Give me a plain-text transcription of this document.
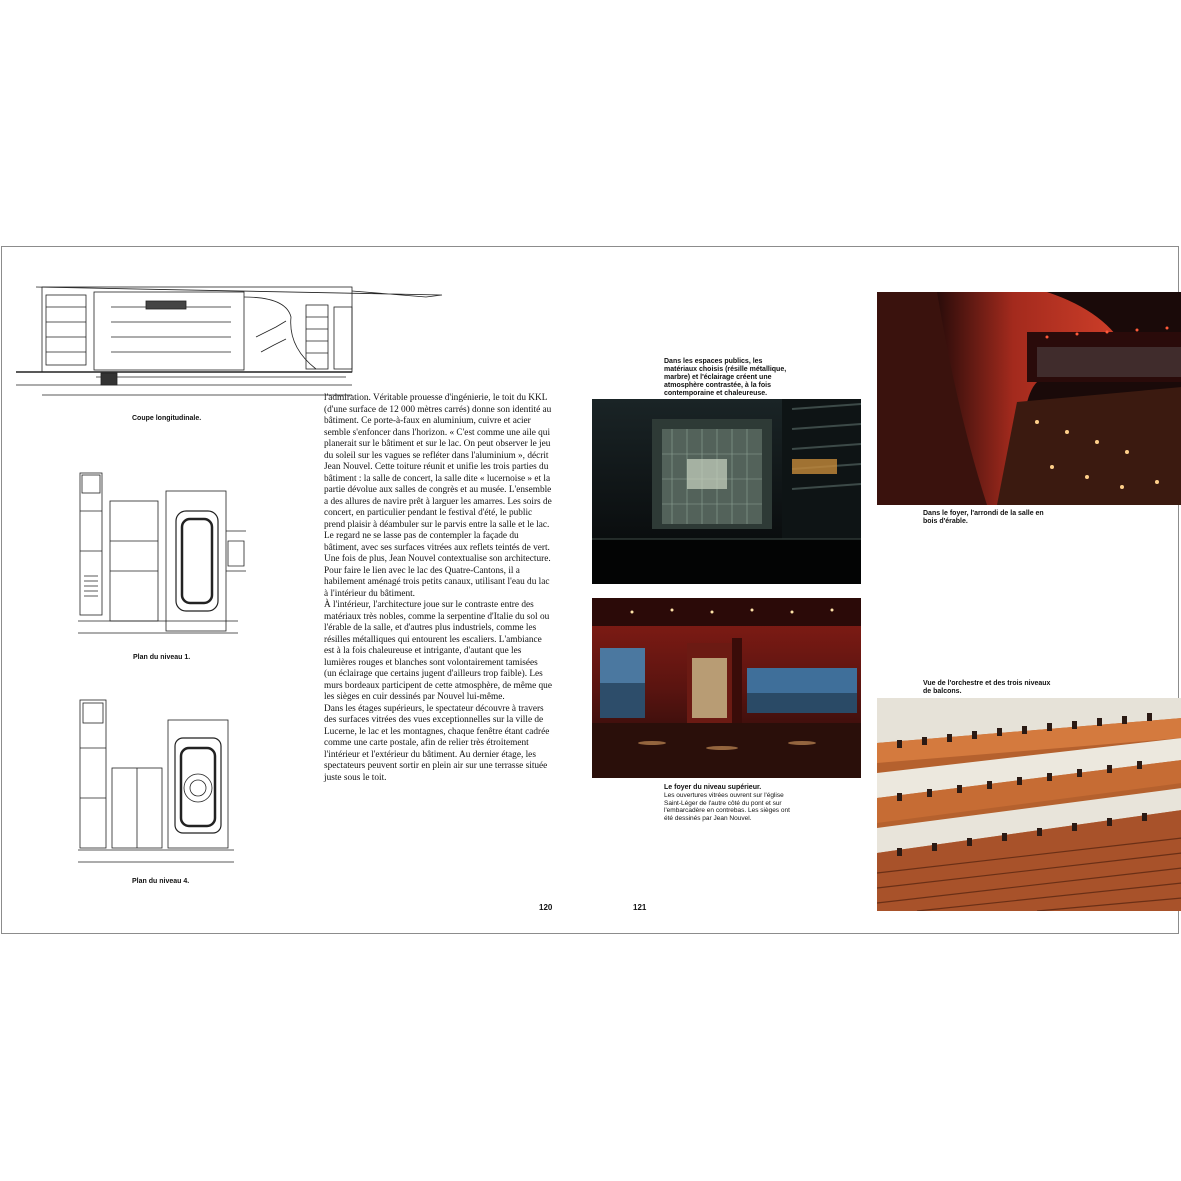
Coupe longitudinale.
Plan du niveau 1.
Plan du niveau 4.

l'admiration. Véritable prouesse d'ingénierie, le toit du KKL (d'une surface de 12 000 mètres carrés) donne son identité au bâtiment. Ce porte-à-faux en aluminium, cuivre et acier semble s'enfoncer dans l'horizon. « C'est comme une aile qui planerait sur le bâtiment et sur le lac. On peut observer le jeu du soleil sur les vagues se refléter dans l'aluminium », décrit Jean Nouvel. Cette toiture réunit et unifie les trois parties du bâtiment : la salle de concert, la salle dite « lucernoise » et la partie dévolue aux salles de congrès et au musée. L'ensemble a des allures de navire prêt à larguer les amarres. Les soirs de concert, en particulier pendant le festival d'été, le public prend plaisir à déambuler sur le parvis entre la salle et le lac. Le regard ne se lasse pas de contempler la façade du bâtiment, avec ses surfaces vitrées aux reflets teintés de vert. Une fois de plus, Jean Nouvel contextualise son architecture. Pour faire le lien avec le lac des Quatre-Cantons, il a habilement aménagé trois petits canaux, utilisant l'eau du lac à l'intérieur du bâtiment.

À l'intérieur, l'architecture joue sur le contraste entre des matériaux très nobles, comme la serpentine d'Italie du sol ou l'érable de la salle, et d'autres plus industriels, comme les résilles métalliques qui entourent les escaliers. L'ambiance est à la fois chaleureuse et intrigante, d'autant que les lumières rouges et blanches sont volontairement tamisées (un éclairage que certains jugent d'ailleurs trop faible). Les murs bordeaux participent de cette atmosphère, de même que les sièges en cuir dessinés par Nouvel lui-même.

Dans les étages supérieurs, le spectateur découvre à travers des surfaces vitrées des vues exceptionnelles sur la ville de Lucerne, le lac et les montagnes, chaque fenêtre étant cadrée comme une carte postale, afin de relier très étroitement l'intérieur et l'extérieur du bâtiment. Au dernier étage, les spectateurs peuvent sortir en plein air sur une terrasse située juste sous le toit.

120	121
Dans les espaces publics, les matériaux choisis (résille métallique, marbre) et l'éclairage créent une atmosphère contrastée, à la fois contemporaine et chaleureuse.
Le foyer du niveau supérieur.
Les ouvertures vitrées ouvrent sur l'église Saint-Léger de l'autre côté du pont et sur l'embarcadère en contrebas. Les sièges ont été dessinés par Jean Nouvel.
Dans le foyer, l'arrondi de la salle en bois d'érable.
Vue de l'orchestre et des trois niveaux de balcons.
